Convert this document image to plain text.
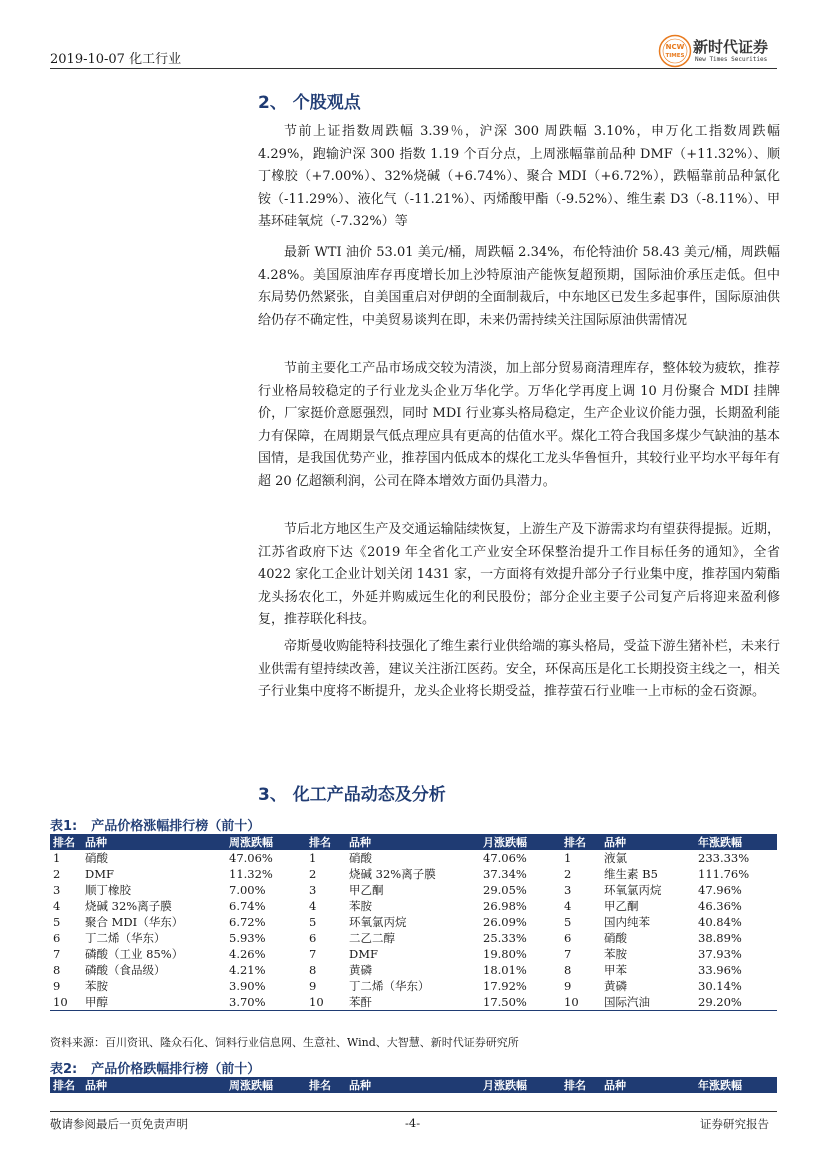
2019-10-07 化工行业
NCW
TIMES 新时代证券
New Times Securities
2、 个股观点

节前上证指数周跌幅 3.39％，沪深 300 周跌幅 3.10%，申万化工指数周跌幅 4.29%，跑输沪深 300 指数 1.19 个百分点，上周涨幅靠前品种 DMF（+11.32%）、顺丁橡胶（+7.00%）、32%烧碱（+6.74%）、聚合 MDI（+6.72%），跌幅靠前品种氯化铵（-11.29%）、液化气（-11.21%）、丙烯酸甲酯（-9.52%）、维生素 D3（-8.11%）、甲基环硅氧烷（-7.32%）等

最新 WTI 油价 53.01 美元/桶，周跌幅 2.34%，布伦特油价 58.43 美元/桶，周跌幅 4.28%。美国原油库存再度增长加上沙特原油产能恢复超预期，国际油价承压走低。但中东局势仍然紧张，自美国重启对伊朗的全面制裁后，中东地区已发生多起事件，国际原油供给仍存不确定性，中美贸易谈判在即，未来仍需持续关注国际原油供需情况

节前主要化工产品市场成交较为清淡，加上部分贸易商清理库存，整体较为疲软，推荐行业格局较稳定的子行业龙头企业万华化学。万华化学再度上调 10 月份聚合 MDI 挂牌价，厂家挺价意愿强烈，同时 MDI 行业寡头格局稳定，生产企业议价能力强，长期盈利能力有保障，在周期景气低点理应具有更高的估值水平。煤化工符合我国多煤少气缺油的基本国情，是我国优势产业，推荐国内低成本的煤化工龙头华鲁恒升，其较行业平均水平每年有超 20 亿超额利润，公司在降本增效方面仍具潜力。

节后北方地区生产及交通运输陆续恢复，上游生产及下游需求均有望获得提振。近期，江苏省政府下达《2019 年全省化工产业安全环保整治提升工作目标任务的通知》，全省 4022 家化工企业计划关闭 1431 家，一方面将有效提升部分子行业集中度，推荐国内菊酯龙头扬农化工，外延并购威远生化的利民股份；部分企业主要子公司复产后将迎来盈利修复，推荐联化科技。

帝斯曼收购能特科技强化了维生素行业供给端的寡头格局，受益下游生猪补栏，未来行业供需有望持续改善，建议关注浙江医药。安全，环保高压是化工长期投资主线之一，相关子行业集中度将不断提升，龙头企业将长期受益，推荐萤石行业唯一上市标的金石资源。

3、 化工产品动态及分析
表1: 产品价格涨幅排行榜（前十）
排名	品种	周涨跌幅	排名	品种	月涨跌幅	排名	品种	年涨跌幅
1	硝酸	47.06%	1	硝酸	47.06%	1	液氯	233.33%
2	DMF	11.32%	2	烧碱 32%离子膜	37.34%	2	维生素 B5	111.76%
3	顺丁橡胶	7.00%	3	甲乙酮	29.05%	3	环氧氯丙烷	47.96%
4	烧碱 32%离子膜	6.74%	4	苯胺	26.98%	4	甲乙酮	46.36%
5	聚合 MDI（华东）	6.72%	5	环氧氯丙烷	26.09%	5	国内纯苯	40.84%
6	丁二烯（华东）	5.93%	6	二乙二醇	25.33%	6	硝酸	38.89%
7	磷酸（工业 85%）	4.26%	7	DMF	19.80%	7	苯胺	37.93%
8	磷酸（食品级）	4.21%	8	黄磷	18.01%	8	甲苯	33.96%
9	苯胺	3.90%	9	丁二烯（华东）	17.92%	9	黄磷	30.14%
10	甲醇	3.70%	10	苯酐	17.50%	10	国际汽油	29.20%
资料来源：百川资讯、隆众石化、饲料行业信息网、生意社、Wind、大智慧、新时代证券研究所
表2: 产品价格跌幅排行榜（前十）
排名	品种	周涨跌幅	排名	品种	月涨跌幅	排名	品种	年涨跌幅
敬请参阅最后一页免责声明	-4-	证券研究报告
